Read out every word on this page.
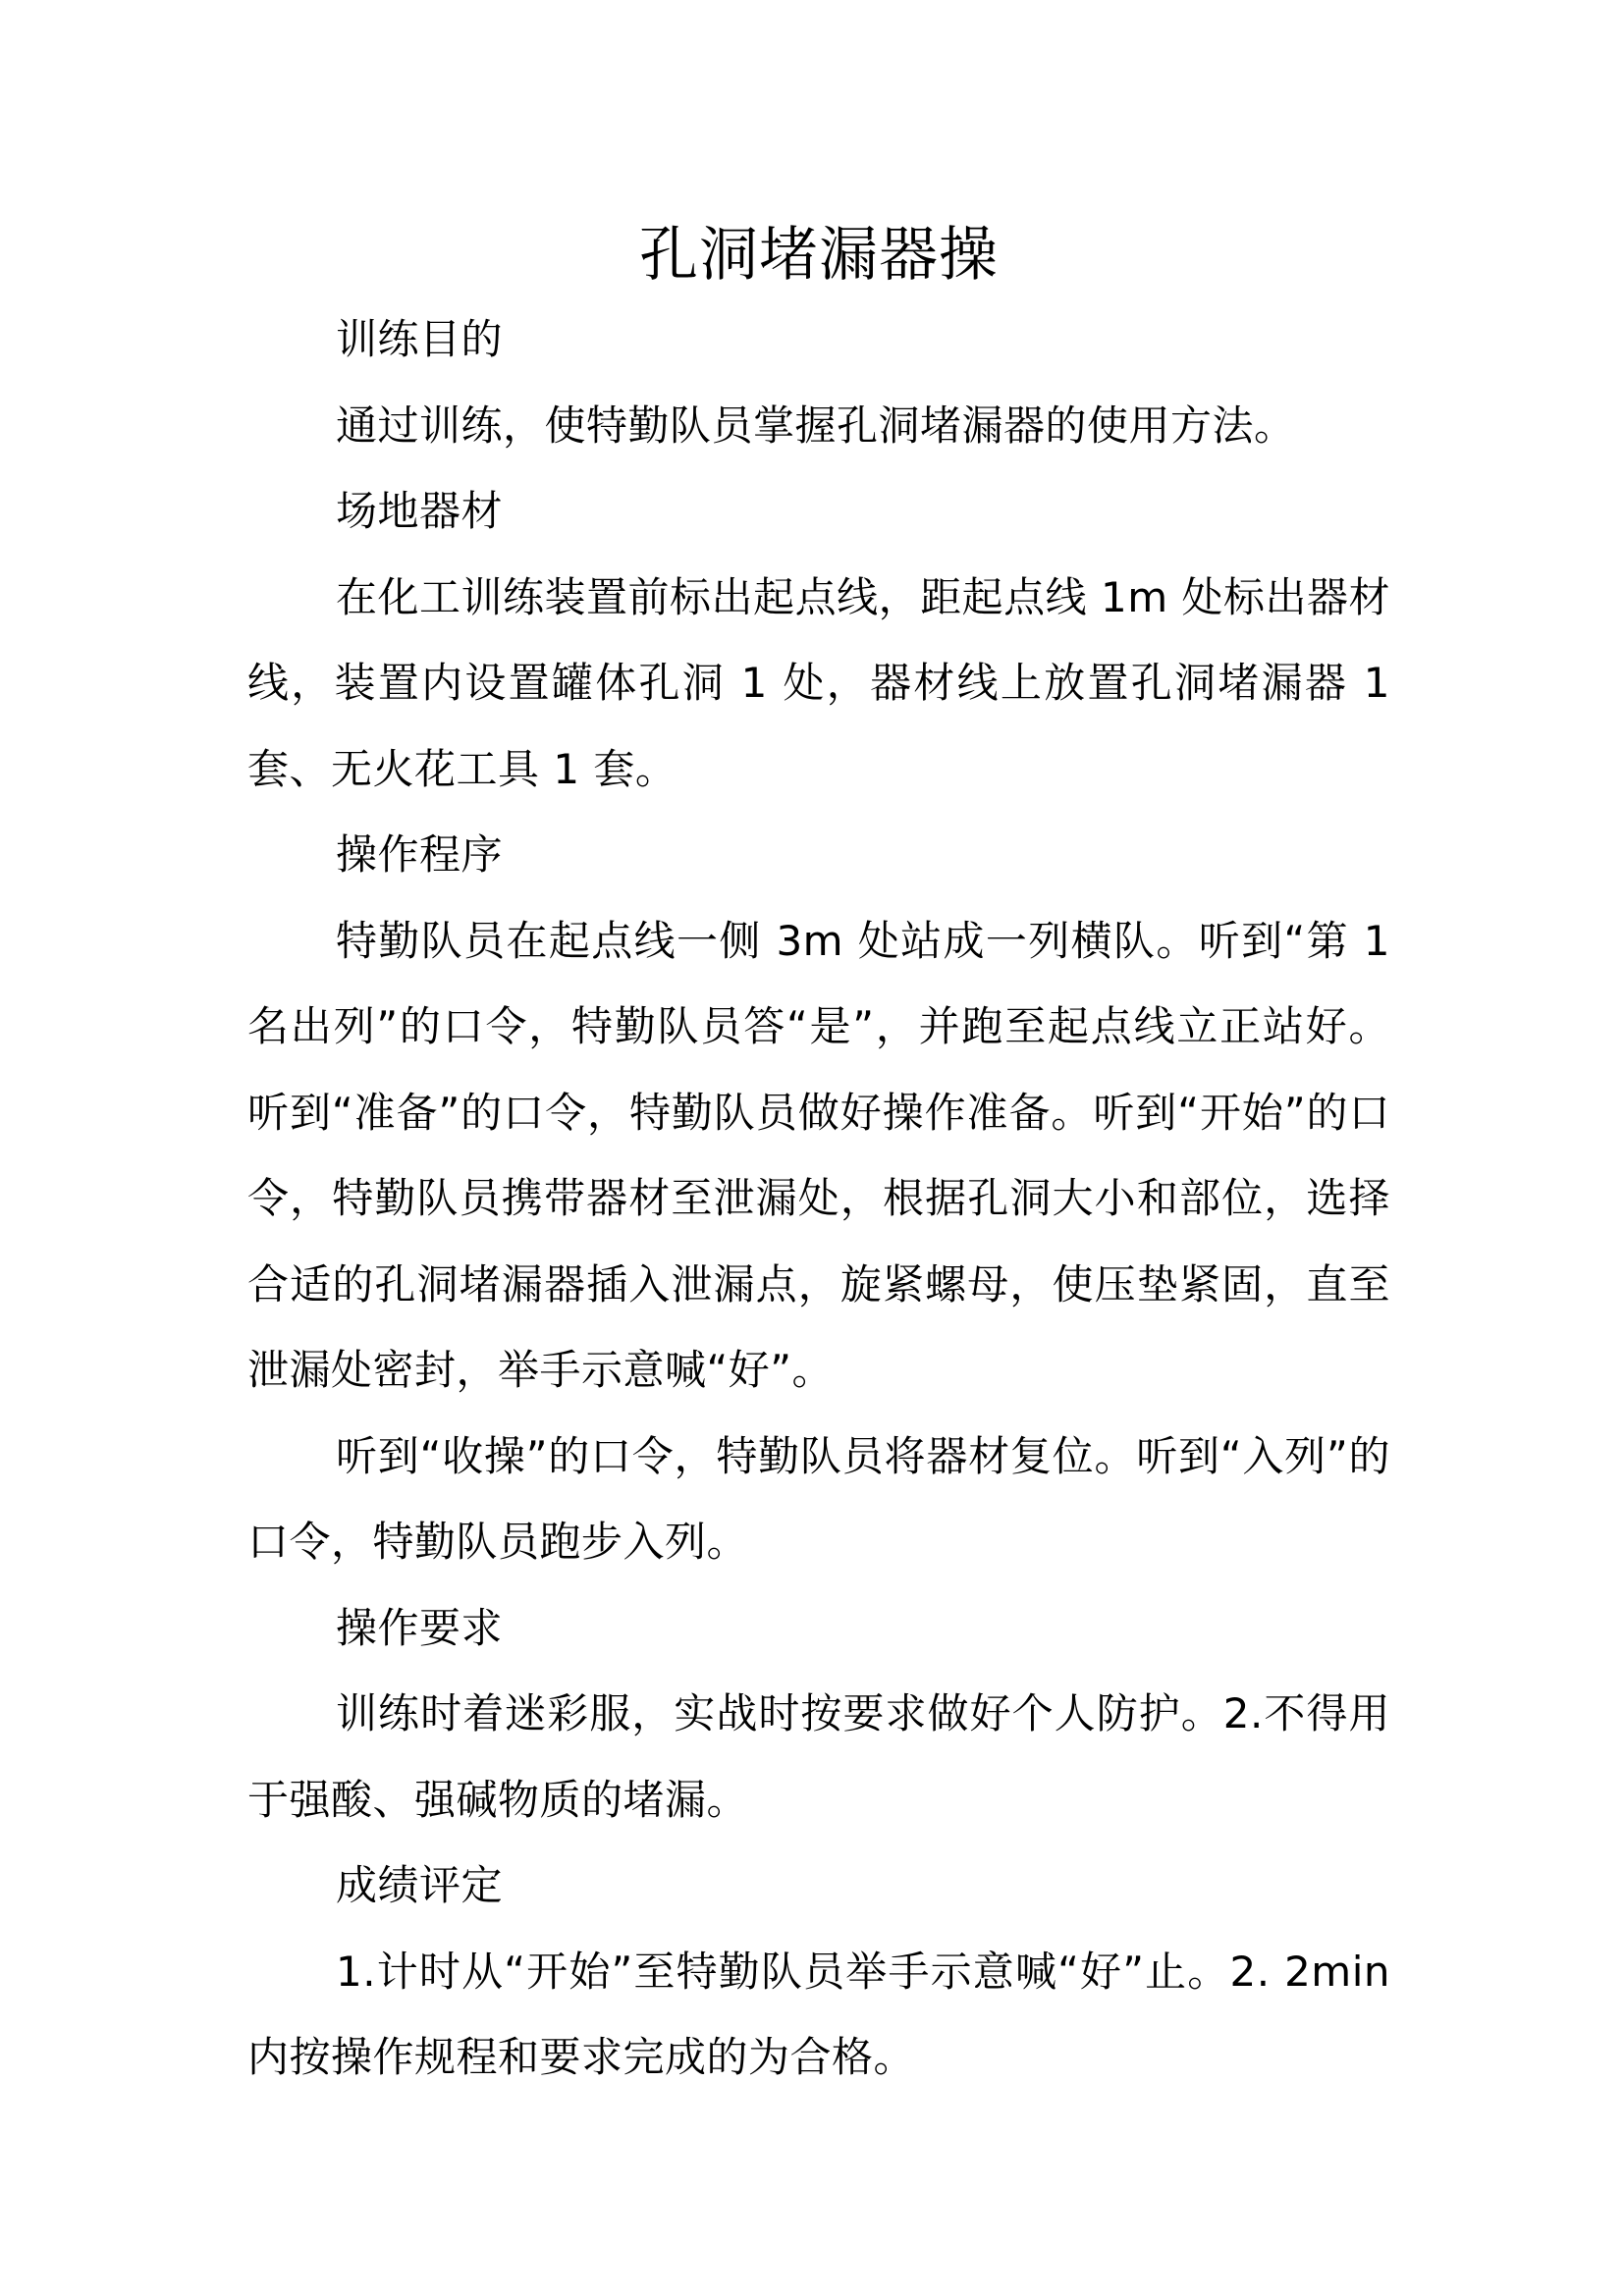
孔洞堵漏器操

训练目的

通过训练，使特勤队员掌握孔洞堵漏器的使用方法。

场地器材

在化工训练装置前标出起点线，距起点线 1m 处标出器材线，装置内设置罐体孔洞 1 处，器材线上放置孔洞堵漏器 1 套、无火花工具 1 套。

操作程序

特勤队员在起点线一侧 3m 处站成一列横队。听到“第 1 名出列”的口令，特勤队员答“是”，并跑至起点线立正站好。听到“准备”的口令，特勤队员做好操作准备。听到“开始”的口令，特勤队员携带器材至泄漏处，根据孔洞大小和部位，选择合适的孔洞堵漏器插入泄漏点，旋紧螺母，使压垫紧固，直至泄漏处密封，举手示意喊“好”。

听到“收操”的口令，特勤队员将器材复位。听到“入列”的口令，特勤队员跑步入列。

操作要求

训练时着迷彩服，实战时按要求做好个人防护。2.不得用于强酸、强碱物质的堵漏。

成绩评定

1.计时从“开始”至特勤队员举手示意喊“好”止。2. 2min 内按操作规程和要求完成的为合格。
